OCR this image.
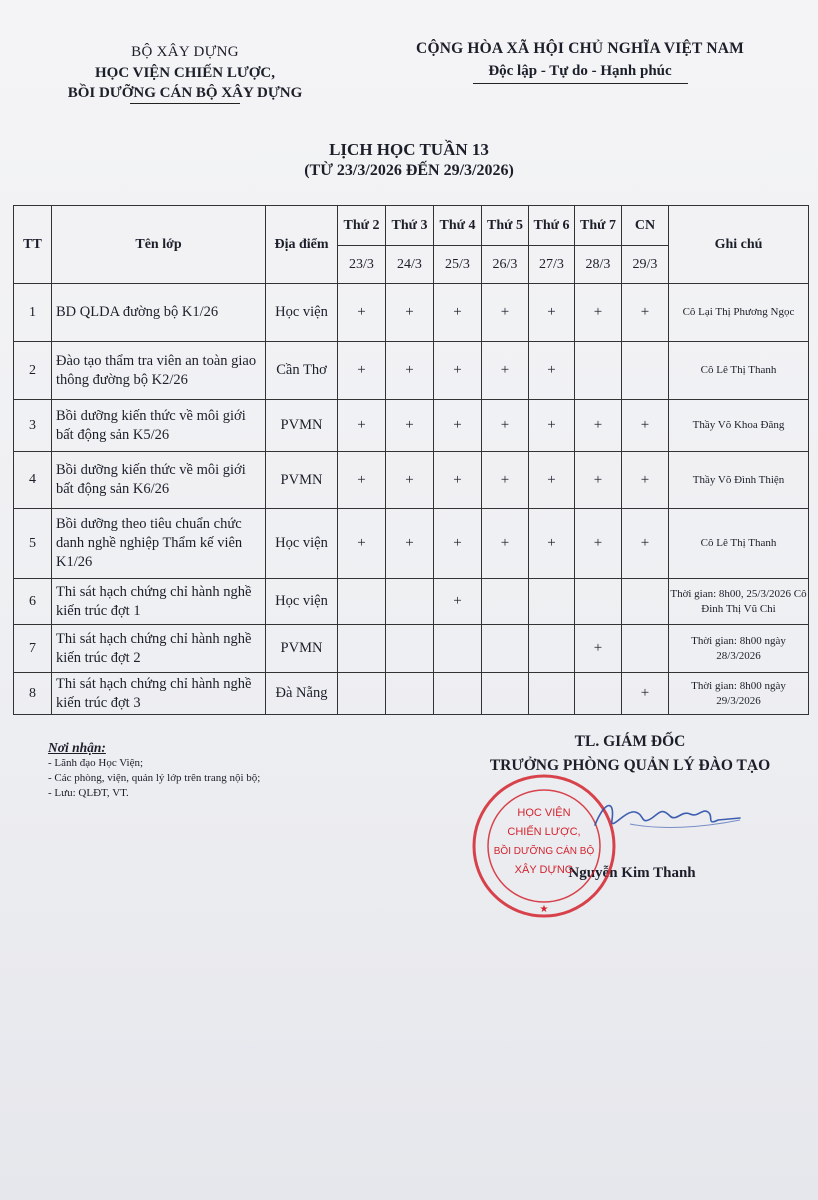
BỘ XÂY DỰNG
HỌC VIỆN CHIẾN LƯỢC,
BỒI DƯỠNG CÁN BỘ XÂY DỰNG
CỘNG HÒA XÃ HỘI CHỦ NGHĨA VIỆT NAM
Độc lập - Tự do - Hạnh phúc
LỊCH HỌC TUẦN 13
(TỪ 23/3/2026 ĐẾN 29/3/2026)
TT	Tên lớp	Địa điểm	Thứ 2	Thứ 3	Thứ 4	Thứ 5	Thứ 6	Thứ 7	CN	Ghi chú
			23/3	24/3	25/3	26/3	27/3	28/3	29/3	
1	BD QLDA đường bộ K1/26	Học viện	+	+	+	+	+	+	+	Cô Lại Thị Phương Ngọc
2	Đào tạo thẩm tra viên an toàn giao thông đường bộ K2/26	Cần Thơ	+	+	+	+	+			Cô Lê Thị Thanh
3	Bồi dưỡng kiến thức về môi giới bất động sản K5/26	PVMN	+	+	+	+	+	+	+	Thầy Võ Khoa Đăng
4	Bồi dưỡng kiến thức về môi giới bất động sản K6/26	PVMN	+	+	+	+	+	+	+	Thầy Võ Đình Thiện
5	Bồi dưỡng theo tiêu chuẩn chức danh nghề nghiệp Thẩm kế viên K1/26	Học viện	+	+	+	+	+	+	+	Cô Lê Thị Thanh
6	Thi sát hạch chứng chỉ hành nghề kiến trúc đợt 1	Học viện			+					Thời gian: 8h00, 25/3/2026 Cô Đinh Thị Vũ Chi
7	Thi sát hạch chứng chỉ hành nghề kiến trúc đợt 2	PVMN						+		Thời gian: 8h00 ngày 28/3/2026
8	Thi sát hạch chứng chỉ hành nghề kiến trúc đợt 3	Đà Nẵng							+	Thời gian: 8h00 ngày 29/3/2026
Nơi nhận:
- Lãnh đạo Học Viện;
- Các phòng, viện, quản lý lớp trên trang nội bộ;
- Lưu: QLĐT, VT.
TL. GIÁM ĐỐC
TRƯỞNG PHÒNG QUẢN LÝ ĐÀO TẠO
Nguyễn Kim Thanh
HỌC VIỆN
CHIẾN LƯỢC,
BỒI DƯỠNG CÁN BỘ
XÂY DỰNG
★
